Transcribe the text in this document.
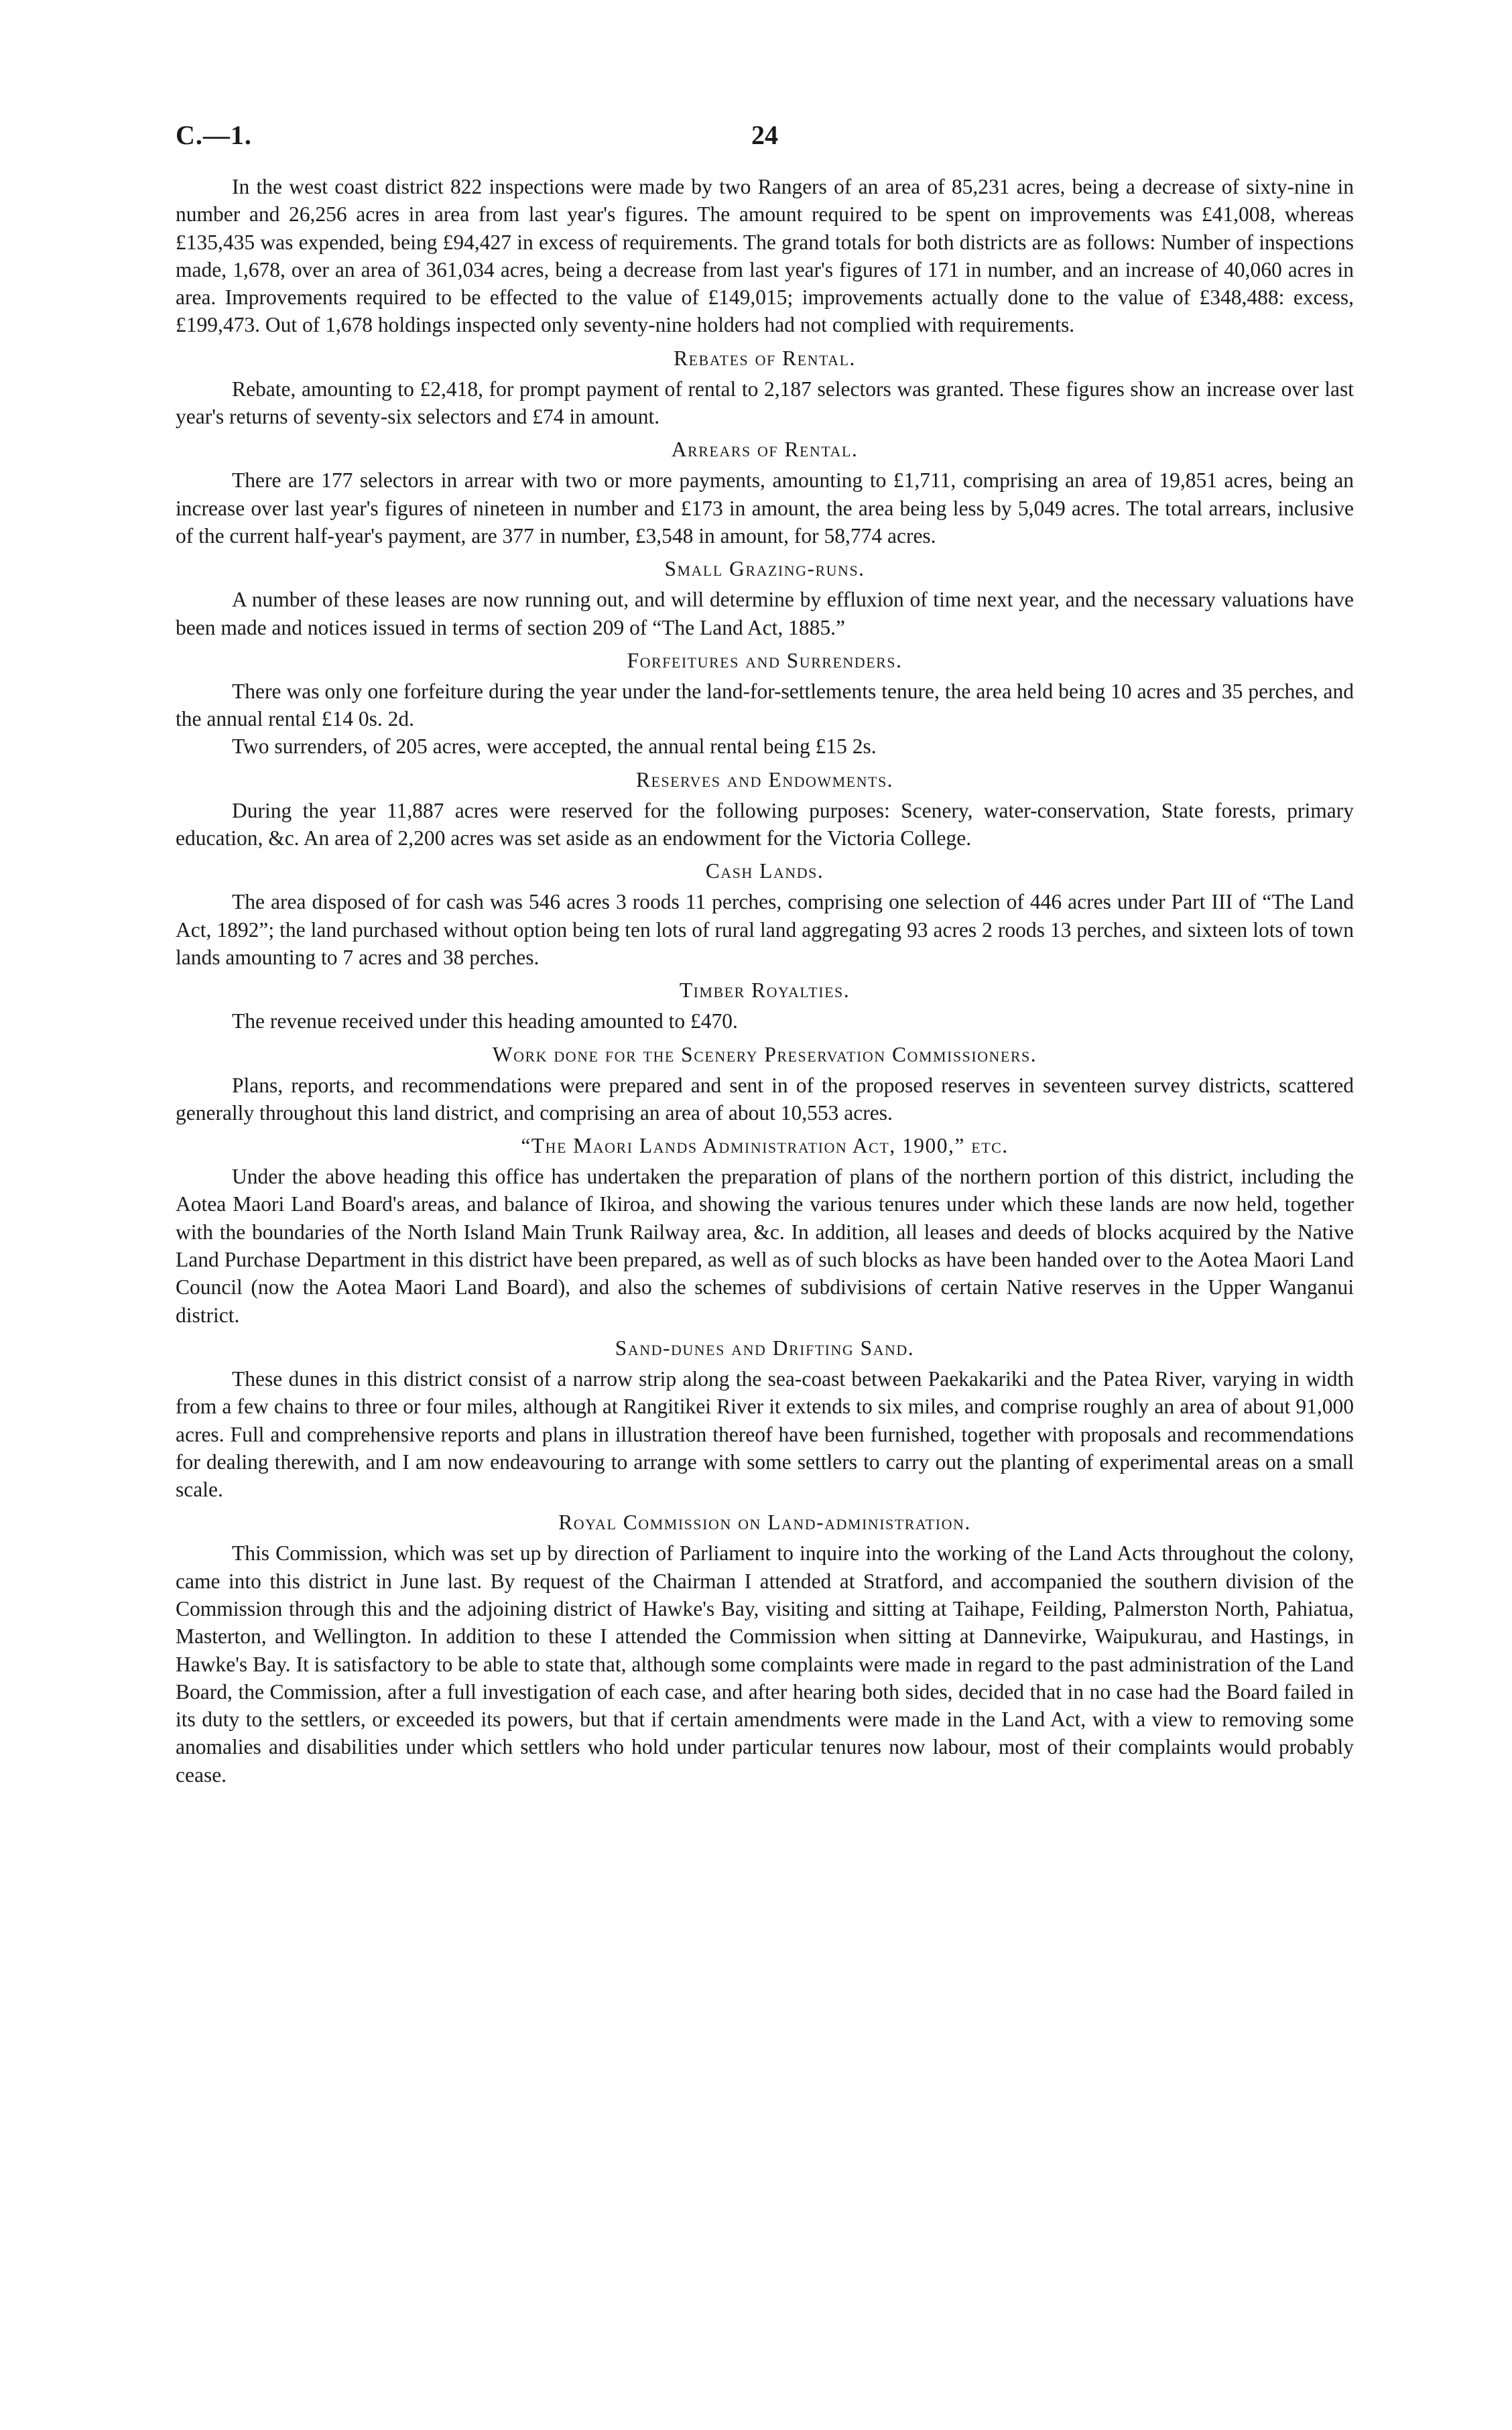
C.—1.	24

In the west coast district 822 inspections were made by two Rangers of an area of 85,231 acres, being a decrease of sixty-nine in number and 26,256 acres in area from last year's figures. The amount required to be spent on improvements was £41,008, whereas £135,435 was expended, being £94,427 in excess of requirements. The grand totals for both districts are as follows: Number of inspections made, 1,678, over an area of 361,034 acres, being a decrease from last year's figures of 171 in number, and an increase of 40,060 acres in area. Improvements required to be effected to the value of £149,015; improvements actually done to the value of £348,488: excess, £199,473. Out of 1,678 holdings inspected only seventy-nine holders had not complied with requirements.

Rebates of Rental.

Rebate, amounting to £2,418, for prompt payment of rental to 2,187 selectors was granted. These figures show an increase over last year's returns of seventy-six selectors and £74 in amount.

Arrears of Rental.

There are 177 selectors in arrear with two or more payments, amounting to £1,711, comprising an area of 19,851 acres, being an increase over last year's figures of nineteen in number and £173 in amount, the area being less by 5,049 acres. The total arrears, inclusive of the current half-year's payment, are 377 in number, £3,548 in amount, for 58,774 acres.

Small Grazing-runs.

A number of these leases are now running out, and will determine by effluxion of time next year, and the necessary valuations have been made and notices issued in terms of section 209 of “The Land Act, 1885.”

Forfeitures and Surrenders.

There was only one forfeiture during the year under the land-for-settlements tenure, the area held being 10 acres and 35 perches, and the annual rental £14 0s. 2d.

Two surrenders, of 205 acres, were accepted, the annual rental being £15 2s.

Reserves and Endowments.

During the year 11,887 acres were reserved for the following purposes: Scenery, water-conservation, State forests, primary education, &c. An area of 2,200 acres was set aside as an endowment for the Victoria College.

Cash Lands.

The area disposed of for cash was 546 acres 3 roods 11 perches, comprising one selection of 446 acres under Part III of “The Land Act, 1892”; the land purchased without option being ten lots of rural land aggregating 93 acres 2 roods 13 perches, and sixteen lots of town lands amounting to 7 acres and 38 perches.

Timber Royalties.

The revenue received under this heading amounted to £470.

Work done for the Scenery Preservation Commissioners.

Plans, reports, and recommendations were prepared and sent in of the proposed reserves in seventeen survey districts, scattered generally throughout this land district, and comprising an area of about 10,553 acres.

“The Maori Lands Administration Act, 1900,” etc.

Under the above heading this office has undertaken the preparation of plans of the northern portion of this district, including the Aotea Maori Land Board's areas, and balance of Ikiroa, and showing the various tenures under which these lands are now held, together with the boundaries of the North Island Main Trunk Railway area, &c. In addition, all leases and deeds of blocks acquired by the Native Land Purchase Department in this district have been prepared, as well as of such blocks as have been handed over to the Aotea Maori Land Council (now the Aotea Maori Land Board), and also the schemes of subdivisions of certain Native reserves in the Upper Wanganui district.

Sand-dunes and Drifting Sand.

These dunes in this district consist of a narrow strip along the sea-coast between Paekakariki and the Patea River, varying in width from a few chains to three or four miles, although at Rangitikei River it extends to six miles, and comprise roughly an area of about 91,000 acres. Full and comprehensive reports and plans in illustration thereof have been furnished, together with proposals and recommendations for dealing therewith, and I am now endeavouring to arrange with some settlers to carry out the planting of experimental areas on a small scale.

Royal Commission on Land-administration.

This Commission, which was set up by direction of Parliament to inquire into the working of the Land Acts throughout the colony, came into this district in June last. By request of the Chairman I attended at Stratford, and accompanied the southern division of the Commission through this and the adjoining district of Hawke's Bay, visiting and sitting at Taihape, Feilding, Palmerston North, Pahiatua, Masterton, and Wellington. In addition to these I attended the Commission when sitting at Dannevirke, Waipukurau, and Hastings, in Hawke's Bay. It is satisfactory to be able to state that, although some complaints were made in regard to the past administration of the Land Board, the Commission, after a full investigation of each case, and after hearing both sides, decided that in no case had the Board failed in its duty to the settlers, or exceeded its powers, but that if certain amendments were made in the Land Act, with a view to removing some anomalies and disabilities under which settlers who hold under particular tenures now labour, most of their complaints would probably cease.
